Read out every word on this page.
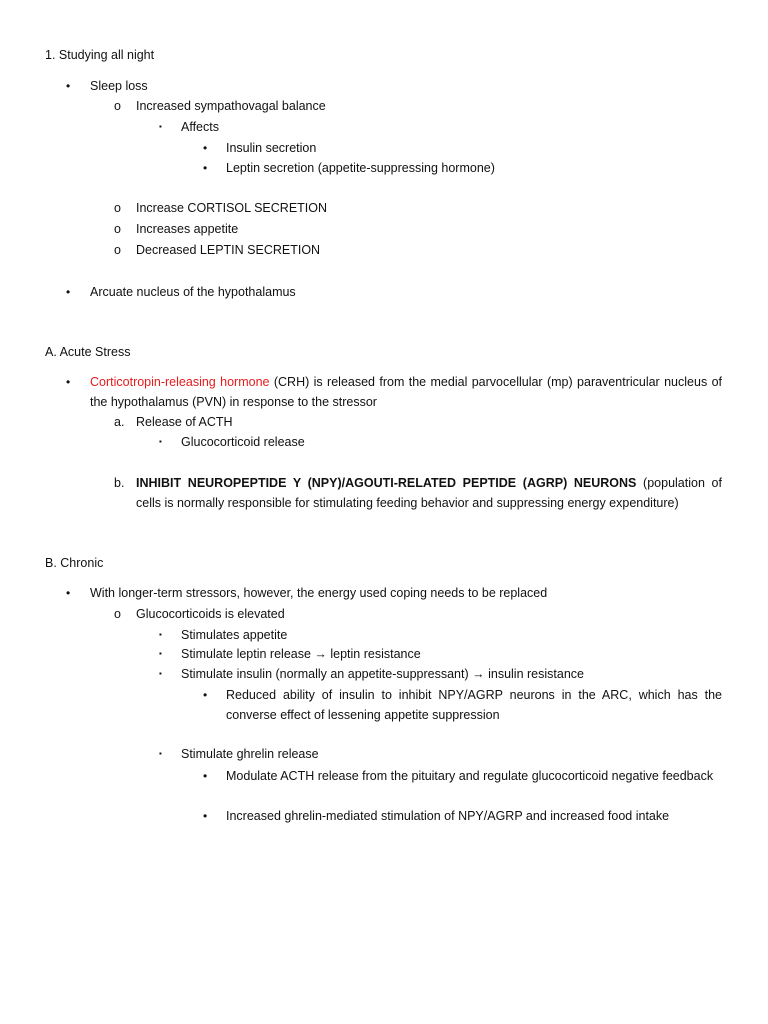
1. Studying all night
• Sleep loss
o Increased sympathovagal balance
▪ Affects
• Insulin secretion
• Leptin secretion (appetite-suppressing hormone)
o Increase CORTISOL SECRETION
o Increases appetite
o Decreased LEPTIN SECRETION
• Arcuate nucleus of the hypothalamus
A. Acute Stress
• Corticotropin-releasing hormone (CRH) is released from the medial parvocellular (mp) paraventricular nucleus of the hypothalamus (PVN) in response to the stressor
a. Release of ACTH
▪ Glucocorticoid release
b. INHIBIT NEUROPEPTIDE Y (NPY)/AGOUTI-RELATED PEPTIDE (AGRP) NEURONS (population of cells is normally responsible for stimulating feeding behavior and suppressing energy expenditure)
B. Chronic
• With longer-term stressors, however, the energy used coping needs to be replaced
o Glucocorticoids is elevated
▪ Stimulates appetite
▪ Stimulate leptin release → leptin resistance
▪ Stimulate insulin (normally an appetite-suppressant) → insulin resistance
• Reduced ability of insulin to inhibit NPY/AGRP neurons in the ARC, which has the converse effect of lessening appetite suppression
▪ Stimulate ghrelin release
• Modulate ACTH release from the pituitary and regulate glucocorticoid negative feedback
• Increased ghrelin-mediated stimulation of NPY/AGRP and increased food intake
